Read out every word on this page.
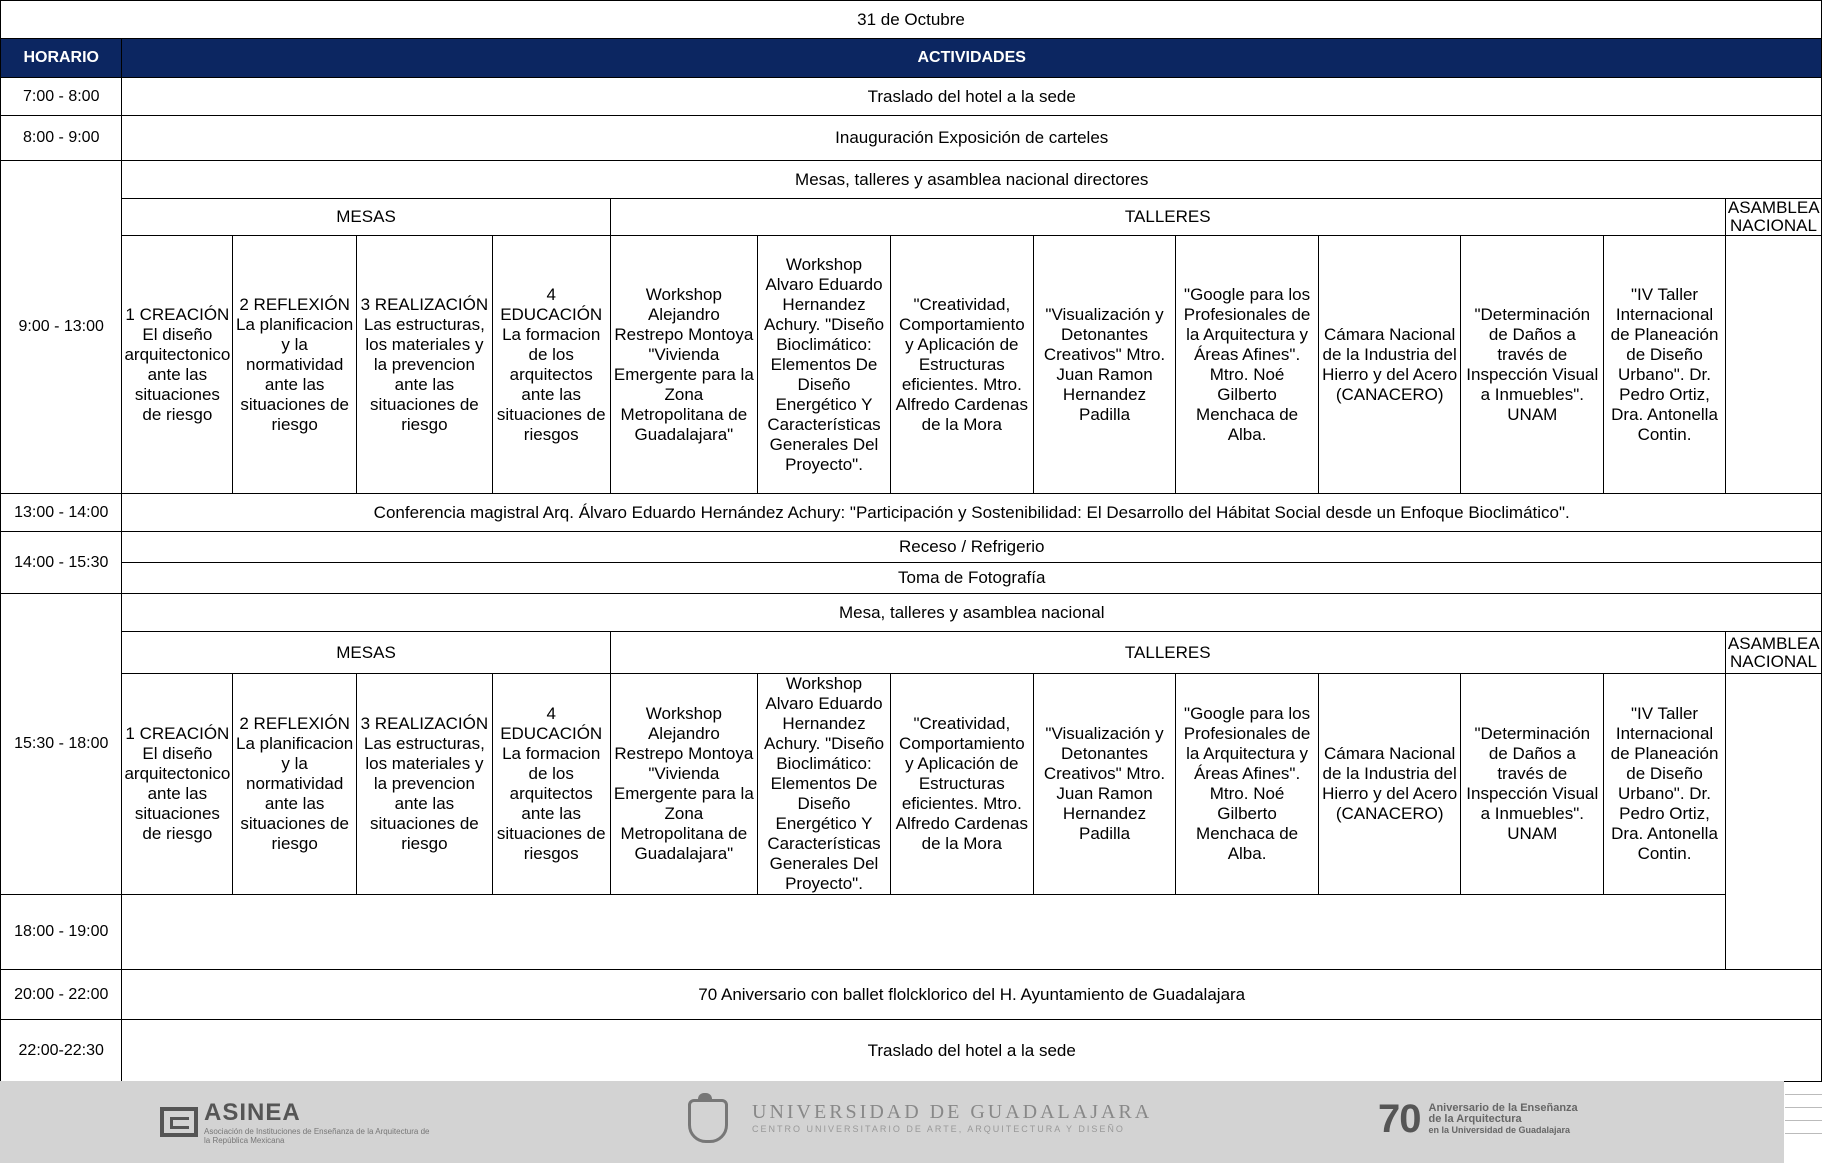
31 de Octubre													
HORARIO	ACTIVIDADES												
7:00 - 8:00	Traslado del hotel a la sede												
8:00 - 9:00	Inauguración Exposición de carteles												
9:00 - 13:00	Mesas, talleres y asamblea nacional directores												
	MESAS				TALLERES								ASAMBLEA NACIONAL
	1 CREACIÓN El diseño arquitectonico ante las situaciones de riesgo	2 REFLEXIÓN La planificacion y la normatividad ante las situaciones de riesgo	3 REALIZACIÓN Las estructuras, los materiales y la prevencion ante las situaciones de riesgo	4 EDUCACIÓN La formacion de los arquitectos ante las situaciones de riesgos	Workshop Alejandro Restrepo Montoya "Vivienda Emergente para la Zona Metropolitana de Guadalajara"	Workshop Alvaro Eduardo Hernandez Achury. "Diseño Bioclimático: Elementos De Diseño Energético Y Características Generales Del Proyecto".	"Creatividad, Comportamiento y Aplicación de Estructuras eficientes. Mtro. Alfredo Cardenas de la Mora	"Visualización y Detonantes Creativos" Mtro. Juan Ramon Hernandez Padilla	"Google para los Profesionales de la Arquitectura y Áreas Afines". Mtro. Noé Gilberto Menchaca de Alba.	Cámara Nacional de la Industria del Hierro y del Acero (CANACERO)	"Determinación de Daños a través de Inspección Visual a Inmuebles". UNAM	"IV Taller Internacional de Planeación de Diseño Urbano". Dr. Pedro Ortiz, Dra. Antonella Contin.	

13:00 - 14:00	Conferencia magistral Arq. Álvaro Eduardo Hernández Achury: "Participación y Sostenibilidad: El Desarrollo del Hábitat Social desde un Enfoque Bioclimático".												
14:00 - 15:30	Receso / Refrigerio												
	Toma de Fotografía												
15:30 - 18:00	Mesa, talleres y asamblea nacional												
	MESAS				TALLERES								ASAMBLEA NACIONAL
	1 CREACIÓN El diseño arquitectonico ante las situaciones de riesgo	2 REFLEXIÓN La planificacion y la normatividad ante las situaciones de riesgo	3 REALIZACIÓN Las estructuras, los materiales y la prevencion ante las situaciones de riesgo	4 EDUCACIÓN La formacion de los arquitectos ante las situaciones de riesgos	Workshop Alejandro Restrepo Montoya "Vivienda Emergente para la Zona Metropolitana de Guadalajara"	Workshop Alvaro Eduardo Hernandez Achury. "Diseño Bioclimático: Elementos De Diseño Energético Y Características Generales Del Proyecto".	"Creatividad, Comportamiento y Aplicación de Estructuras eficientes. Mtro. Alfredo Cardenas de la Mora	"Visualización y Detonantes Creativos" Mtro. Juan Ramon Hernandez Padilla	"Google para los Profesionales de la Arquitectura y Áreas Afines". Mtro. Noé Gilberto Menchaca de Alba.	Cámara Nacional de la Industria del Hierro y del Acero (CANACERO)	"Determinación de Daños a través de Inspección Visual a Inmuebles". UNAM	"IV Taller Internacional de Planeación de Diseño Urbano". Dr. Pedro Ortiz, Dra. Antonella Contin.	
18:00 - 19:00													
20:00 - 22:00	70 Aniversario con ballet flolcklorico del H. Ayuntamiento de Guadalajara												
22:00-22:30	Traslado del hotel a la sede												
ASINEA
Asociación de Instituciones de Enseñanza de la Arquitectura de la República Mexicana
UNIVERSIDAD DE GUADALAJARA
CENTRO UNIVERSITARIO DE ARTE, ARQUITECTURA Y DISEÑO	70 Aniversario de la Enseñanza de la Arquitectura
en la Universidad de Guadalajara
